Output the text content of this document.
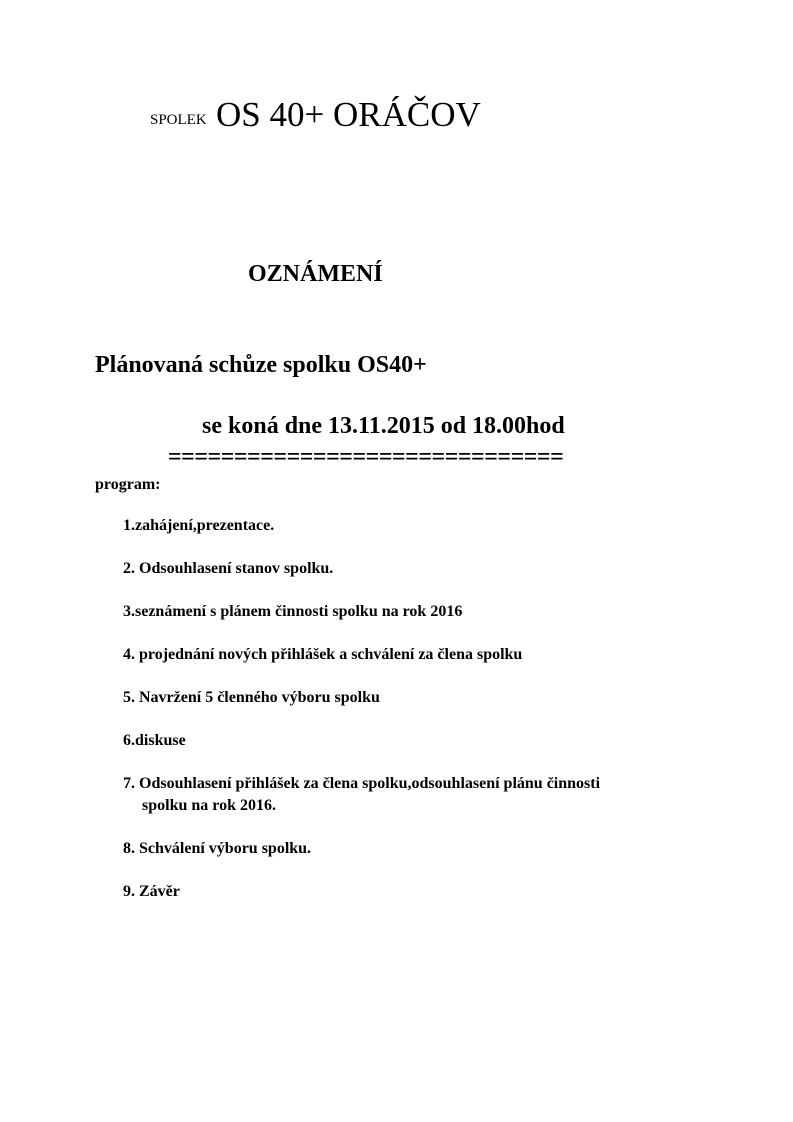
SPOLEK OS 40+ ORÁČOV
OZNÁMENÍ
Plánovaná schůze spolku OS40+
se koná dne 13.11.2015 od 18.00hod
==============================
program:
1.zahájení,prezentace.
2. Odsouhlasení stanov spolku.
3.seznámení s plánem činnosti spolku na rok 2016
4. projednání nových přihlášek a schválení za člena spolku
5. Navržení 5 členného výboru spolku
6.diskuse
7. Odsouhlasení přihlášek za člena spolku,odsouhlasení plánu činnosti
spolku na rok 2016.
8. Schválení výboru spolku.
9. Závěr
